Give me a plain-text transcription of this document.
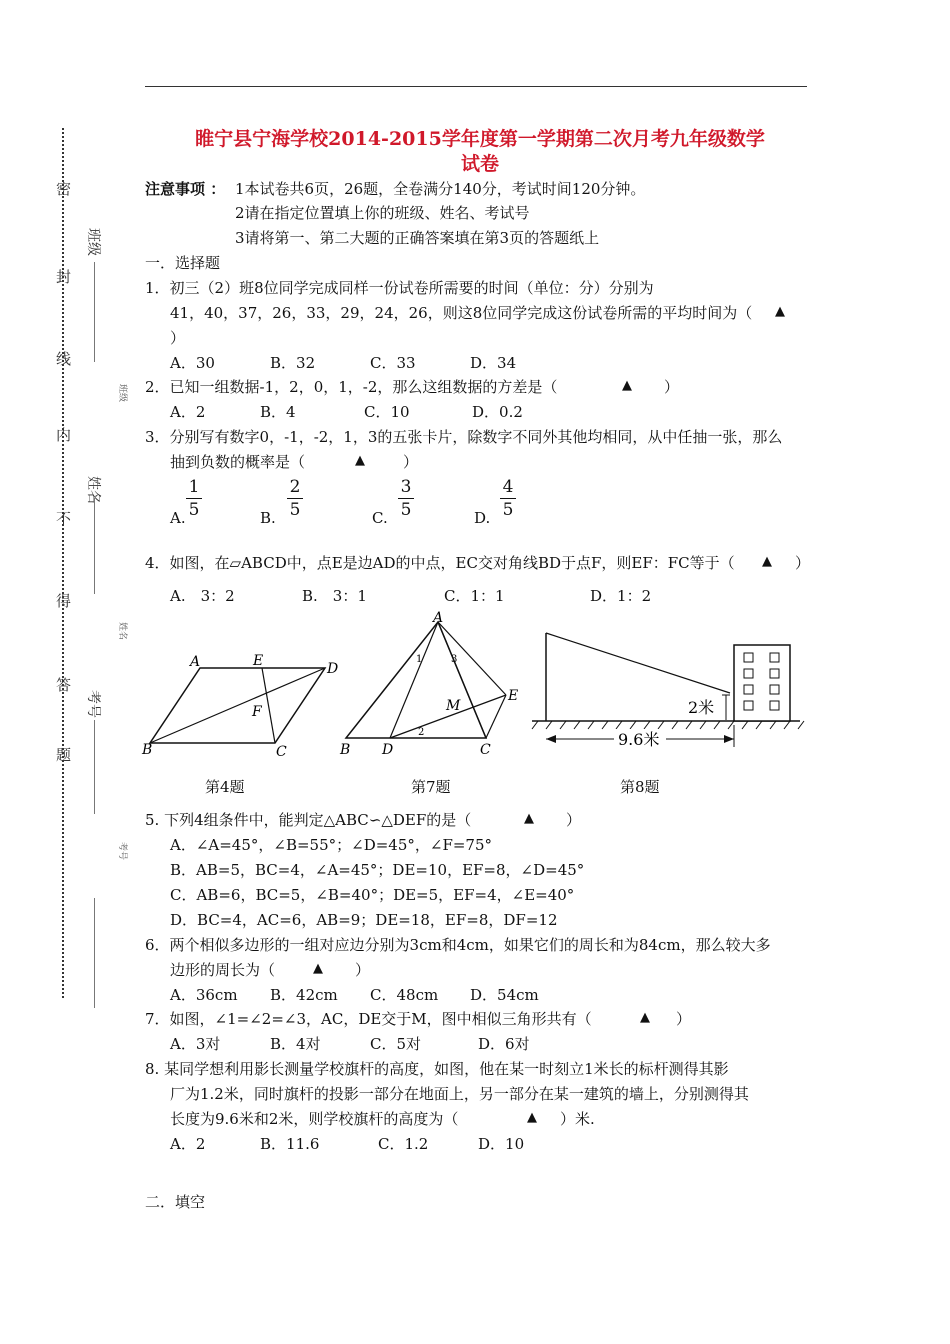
密
封
线
内
不
得
答
题
班级
姓名
考号
班级
姓名
考号
睢宁县宁海学校2014-2015学年度第一学期第二次月考九年级数学
试卷
注意事项 ： 1本试卷共6页，26题，全卷满分140分，考试时间120分钟。
2请在指定位置填上你的班级、姓名、考试号
3请将第一、第二大题的正确答案填在第3页的答题纸上
一．选择题
1．初三（2）班8位同学完成同样一份试卷所需要的时间（单位：分）分别为
41，40，37，26，33，29，24，26，则这8位同学完成这份试卷所需的平均时间为（ ▲
）
A．30	B．32	C．33	D．34
2．已知一组数据-1，2，0，1，-2，那么这组数据的方差是（	▲ ）
A．2	B．4	C．10	D．0.2
3．分别写有数字0，-1，-2，1，3的五张卡片，除数字不同外其他均相同，从中任抽一张，那么
抽到负数的概率是（	▲	）
A. $\frac{1}{5}$	B. $\frac{2}{5}$	C. $\frac{3}{5}$	D. $\frac{4}{5}$
4．如图，在▱ABCD中，点E是边AD的中点，EC交对角线BD于点F，则EF：FC等于（ ▲ ）
A.　3：2	B.　3：1	C．1：1	D．1：2
A	E	D
B	C
F
第4题
A
B D	C
E
M
1	3
2
第7题
2米
9.6米
第8题
5. 下列4组条件中，能判定△ABC∽△DEF的是（	▲ ）
A．∠A=45°，∠B=55°；∠D=45°，∠F=75°
B．AB=5，BC=4，∠A=45°；DE=10，EF=8，∠D=45°
C．AB=6，BC=5，∠B=40°；DE=5，EF=4，∠E=40°
D．BC=4，AC=6，AB=9；DE=18，EF=8，DF=12
6．两个相似多边形的一组对应边分别为3cm和4cm，如果它们的周长和为84cm，那么较大多
边形的周长为（	▲ ）
A．36cm B．42cm C．48cm D．54cm
7．如图，∠1=∠2=∠3，AC，DE交于M，图中相似三角形共有（	▲ ）
A．3对	B．4对	C．5对	D．6对
8. 某同学想利用影长测量学校旗杆的高度，如图，他在某一时刻立1米长的标杆测得其影
厂为1.2米，同时旗杆的投影一部分在地面上，另一部分在某一建筑的墙上，分别测得其
长度为9.6米和2米，则学校旗杆的高度为（	▲ ）米.
A．2	B．11.6	C．1.2	D．10
二．填空
